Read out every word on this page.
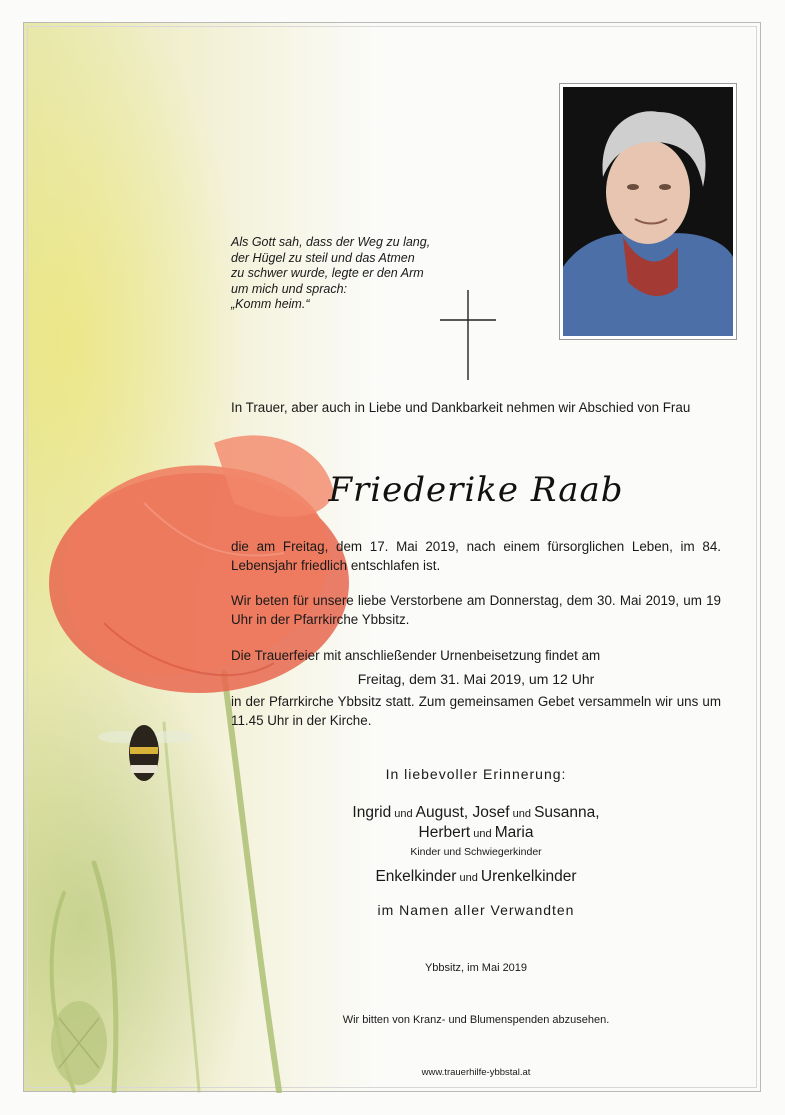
Als Gott sah, dass der Weg zu lang,
der Hügel zu steil und das Atmen
zu schwer wurde, legte er den Arm
um mich und sprach:
„Komm heim.“
In Trauer, aber auch in Liebe und Dankbarkeit nehmen wir Abschied von Frau
Friederike Raab
die am Freitag, dem 17. Mai 2019, nach einem fürsorglichen Leben, im 84. Lebensjahr friedlich entschlafen ist.
Wir beten für unsere liebe Verstorbene am Donnerstag, dem 30. Mai 2019, um 19 Uhr in der Pfarrkirche Ybbsitz.
Die Trauerfeier mit anschließender Urnenbeisetzung findet am
Freitag, dem 31. Mai 2019, um 12 Uhr
in der Pfarrkirche Ybbsitz statt. Zum gemeinsamen Gebet versammeln wir uns um 11.45 Uhr in der Kirche.
In liebevoller Erinnerung:
Ingrid und August, Josef und Susanna,
Herbert und Maria
Kinder und Schwiegerkinder
Enkelkinder und Urenkelkinder
im Namen aller Verwandten
Ybbsitz, im Mai 2019
Wir bitten von Kranz- und Blumenspenden abzusehen.
www.trauerhilfe-ybbstal.at
